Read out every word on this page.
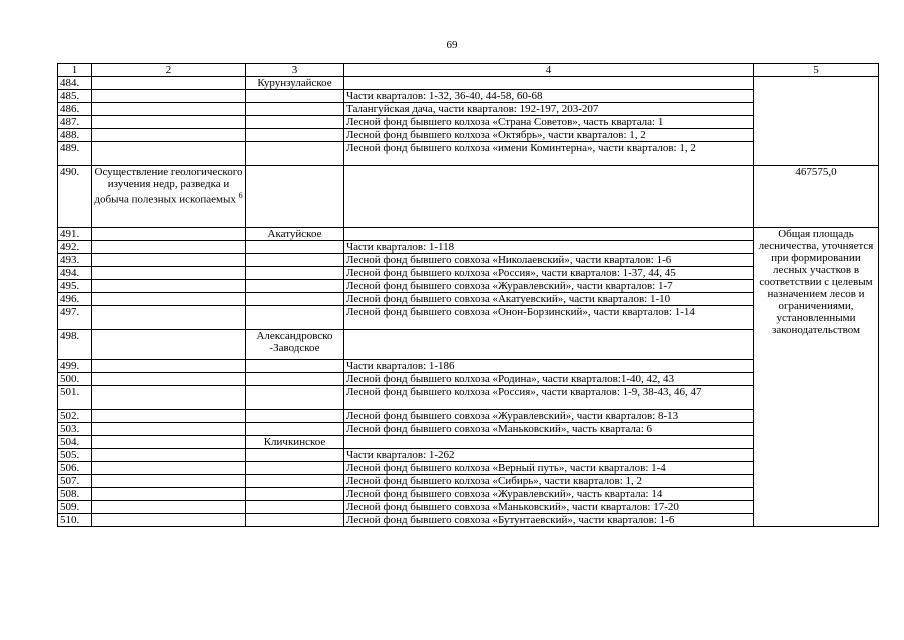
69
1	2	3	4	5
484.		Курунзулайское		
485.			Части кварталов: 1-32, 36-40, 44-58, 60-68	
486.			Талангуйская дача, части кварталов: 192-197, 203-207	
487.			Лесной фонд бывшего колхоза «Страна Советов», часть квартала: 1	
488.			Лесной фонд бывшего колхоза «Октябрь», части кварталов: 1, 2	
489.			Лесной фонд бывшего колхоза «имени Коминтерна», части кварталов: 1, 2	
490.	Осуществление геологического изучения недр, разведка и добыча полезных ископаемых $^6$			467575,0
491.		Акатуйское		Общая площадь лесничества, уточняется при формировании лесных участков в соответствии с целевым назначением лесов и ограничениями, установленными законодательством
492.			Части кварталов: 1-118	
493.			Лесной фонд бывшего совхоза «Николаевский», части кварталов: 1-6	
494.			Лесной фонд бывшего колхоза «Россия», части кварталов: 1-37, 44, 45	
495.			Лесной фонд бывшего совхоза «Журавлевский», части кварталов: 1-7	
496.			Лесной фонд бывшего совхоза «Акатуевский», части кварталов: 1-10	
497.			Лесной фонд бывшего совхоза «Онон-Борзинский», части кварталов: 1-14	
498.		Александровско -Заводское		
499.			Части кварталов: 1-186	
500.			Лесной фонд бывшего колхоза «Родина», части кварталов:1-40, 42, 43	
501.			Лесной фонд бывшего колхоза «Россия», части кварталов: 1-9, 38-43, 46, 47	
502.			Лесной фонд бывшего совхоза «Журавлевский», части кварталов: 8-13	
503.			Лесной фонд бывшего совхоза «Маньковский», часть квартала: 6	
504.		Кличкинское		
505.			Части кварталов: 1-262	
506.			Лесной фонд бывшего колхоза «Верный путь», части кварталов: 1-4	
507.			Лесной фонд бывшего колхоза «Сибирь», части кварталов: 1, 2	
508.			Лесной фонд бывшего совхоза «Журавлевский», часть квартала: 14	
509.			Лесной фонд бывшего совхоза «Маньковский», части кварталов: 17-20	
510.			Лесной фонд бывшего совхоза «Бутунтаевский», части кварталов: 1-6	
